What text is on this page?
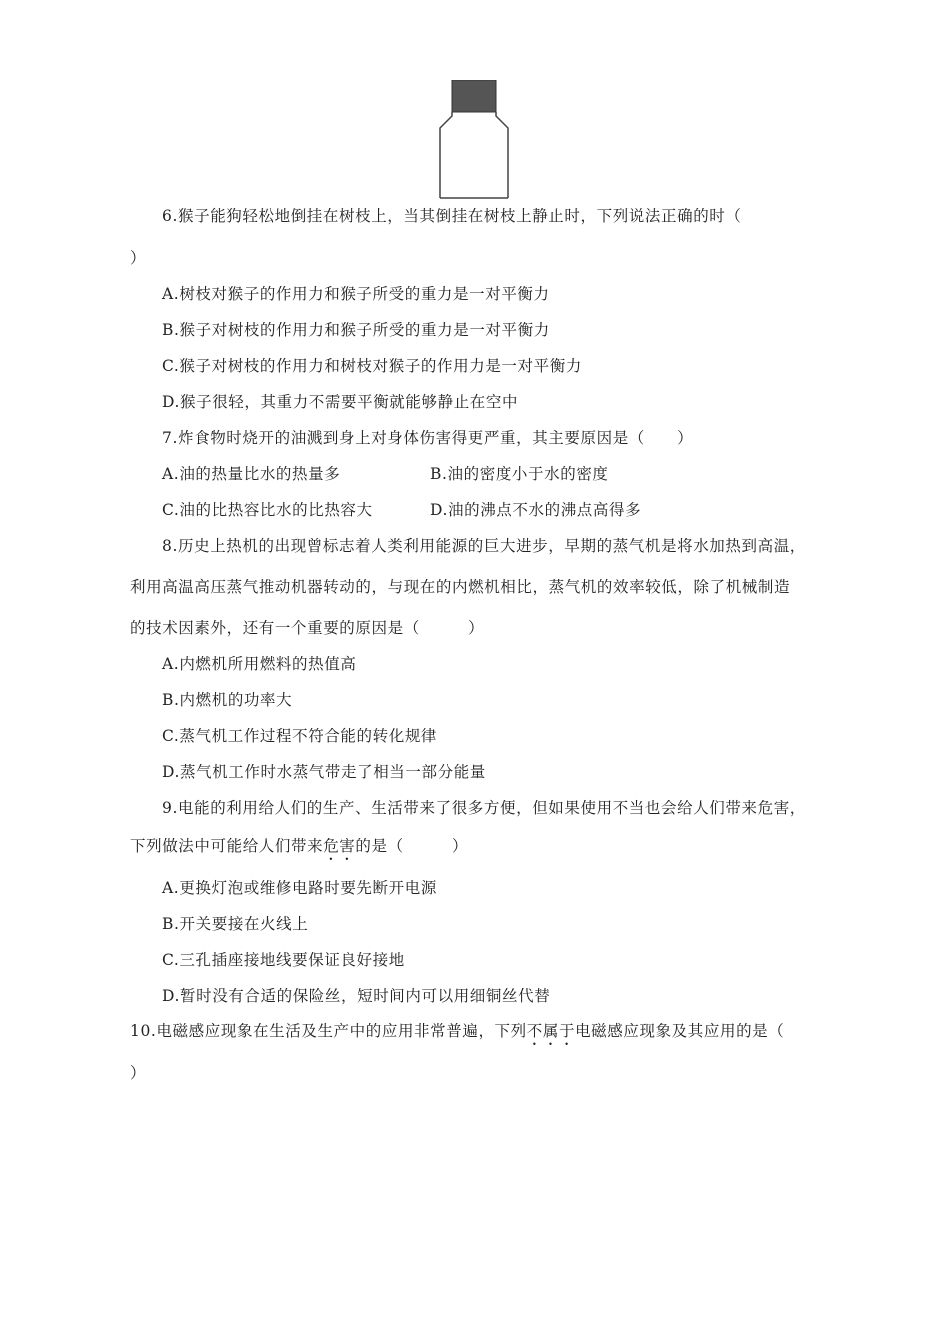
6.猴子能狗轻松地倒挂在树枝上，当其倒挂在树枝上静止时，下列说法正确的时（
）
A.树枝对猴子的作用力和猴子所受的重力是一对平衡力
B.猴子对树枝的作用力和猴子所受的重力是一对平衡力
C.猴子对树枝的作用力和树枝对猴子的作用力是一对平衡力
D.猴子很轻，其重力不需要平衡就能够静止在空中
7.炸食物时烧开的油溅到身上对身体伤害得更严重，其主要原因是（　　）
A.油的热量比水的热量多	B.油的密度小于水的密度
C.油的比热容比水的比热容大	D.油的沸点不水的沸点高得多
8.历史上热机的出现曾标志着人类利用能源的巨大进步，早期的蒸气机是将水加热到高温，
利用高温高压蒸气推动机器转动的，与现在的内燃机相比，蒸气机的效率较低，除了机械制造
的技术因素外，还有一个重要的原因是（　　　）
A.内燃机所用燃料的热值高
B.内燃机的功率大
C.蒸气机工作过程不符合能的转化规律
D.蒸气机工作时水蒸气带走了相当一部分能量
9.电能的利用给人们的生产、生活带来了很多方便，但如果使用不当也会给人们带来危害，
下列做法中可能给人们带来危害的是（　　　）
A.更换灯泡或维修电路时要先断开电源
B.开关要接在火线上
C.三孔插座接地线要保证良好接地
D.暂时没有合适的保险丝，短时间内可以用细铜丝代替
10.电磁感应现象在生活及生产中的应用非常普遍，下列不属于电磁感应现象及其应用的是（
）
